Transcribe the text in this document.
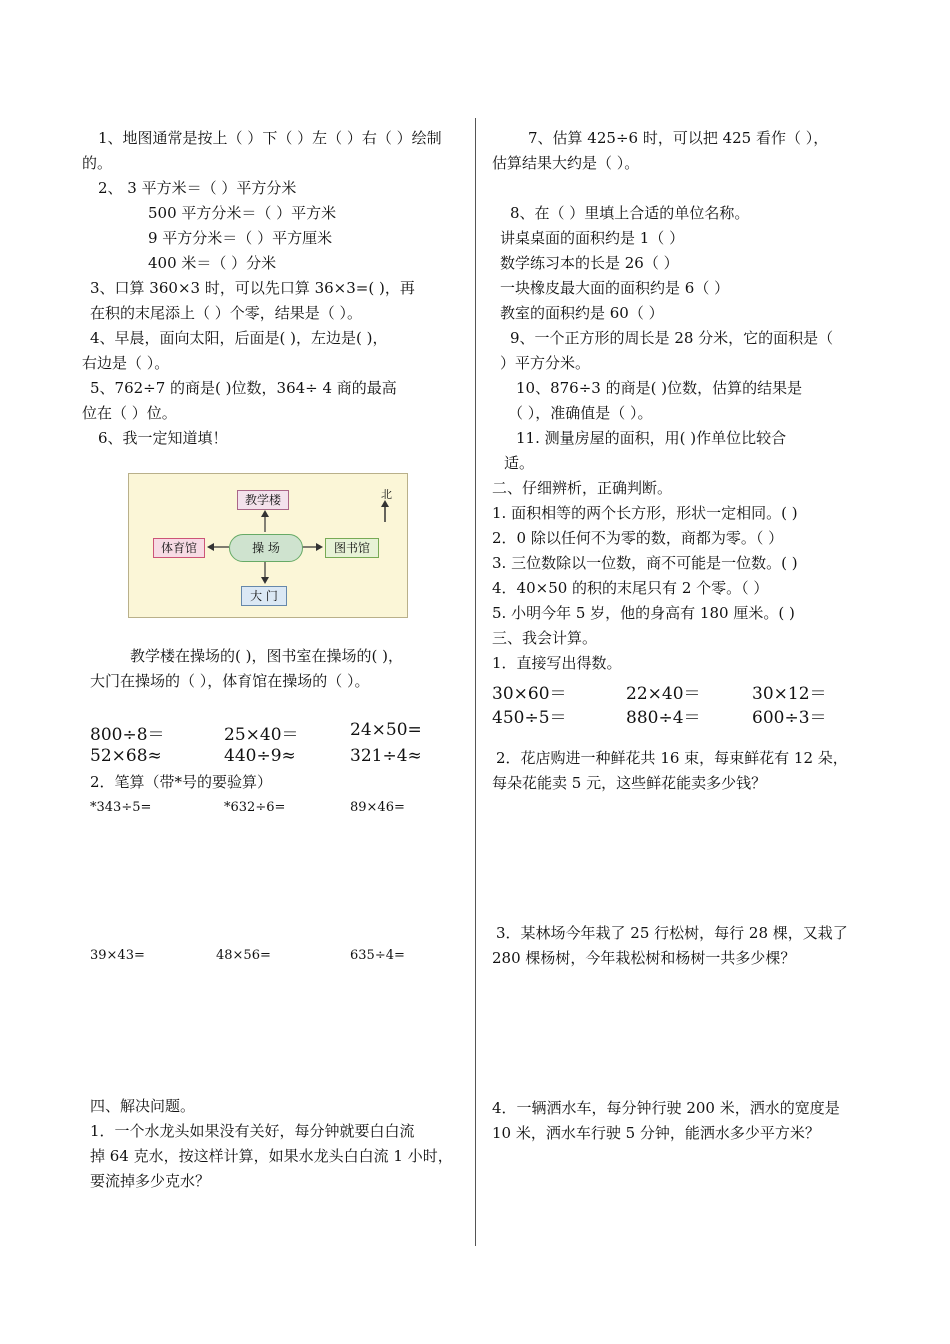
1、地图通常是按上（ ）下（ ）左（ ）右（ ）绘制
的。
2、 3 平方米＝（ ）平方分米
500 平方分米＝（ ）平方米
9 平方分米＝（ ）平方厘米
400 米＝（ ）分米
3、口算 360×3 时，可以先口算 36×3=( )，再
在积的末尾添上（ ）个零，结果是（ ）。
4、早晨，面向太阳，后面是( )，左边是( )，
右边是（ ）。
5、762÷7 的商是( )位数，364÷ 4 商的最高
位在（ ）位。
6、我一定知道填！
教学楼
体育馆	操 场	图书馆
大 门
北
教学楼在操场的( )，图书室在操场的( )，
大门在操场的（ ），体育馆在操场的（ ）。
800÷8＝	25×40＝	24×50=
52×68≈	440÷9≈	321÷4≈
2．笔算（带*号的要验算）
*343÷5=	*632÷6=	89×46=
39×43=	48×56=	635÷4=
四、解决问题。
1．一个水龙头如果没有关好，每分钟就要白白流
掉 64 克水，按这样计算，如果水龙头白白流 1 小时，
要流掉多少克水？
7、估算 425÷6 时，可以把 425 看作（ ），
估算结果大约是（ ）。
8、在（ ）里填上合适的单位名称。
讲桌桌面的面积约是 1（ ）
数学练习本的长是 26（ ）
一块橡皮最大面的面积约是 6（ ）
教室的面积约是 60（ ）
9、一个正方形的周长是 28 分米，它的面积是（
）平方分米。
10、876÷3 的商是( )位数，估算的结果是
（ ），准确值是（ ）。
11. 测量房屋的面积，用( )作单位比较合
适。
二、仔细辨析，正确判断。
1. 面积相等的两个长方形，形状一定相同。( )
2．0 除以任何不为零的数，商都为零。（ ）
3. 三位数除以一位数，商不可能是一位数。( )
4．40×50 的积的末尾只有 2 个零。（ ）
5. 小明今年 5 岁，他的身高有 180 厘米。( )
三、我会计算。
1．直接写出得数。
30×60＝	22×40＝	30×12＝
450÷5＝	880÷4＝	600÷3＝
2．花店购进一种鲜花共 16 束，每束鲜花有 12 朵，
每朵花能卖 5 元，这些鲜花能卖多少钱？
3．某林场今年栽了 25 行松树，每行 28 棵，又栽了
280 棵杨树，今年栽松树和杨树一共多少棵？
4．一辆洒水车，每分钟行驶 200 米，洒水的宽度是
10 米，洒水车行驶 5 分钟，能洒水多少平方米？
